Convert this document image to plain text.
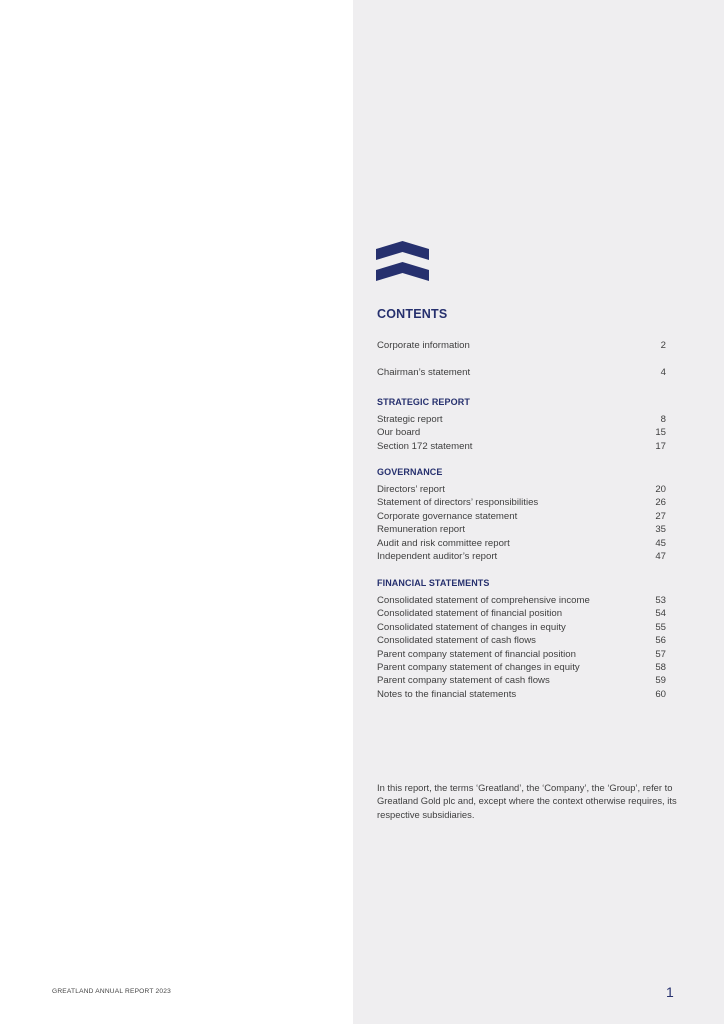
CONTENTS
Corporate information	2
Chairman’s statement	4
STRATEGIC REPORT
Strategic report	8
Our board	15
Section 172 statement	17
GOVERNANCE
Directors’ report	20
Statement of directors’ responsibilities	26
Corporate governance statement	27
Remuneration report	35
Audit and risk committee report	45
Independent auditor’s report	47
FINANCIAL STATEMENTS
Consolidated statement of comprehensive income	53
Consolidated statement of financial position	54
Consolidated statement of changes in equity	55
Consolidated statement of cash flows	56
Parent company statement of financial position	57
Parent company statement of changes in equity	58
Parent company statement of cash flows	59
Notes to the financial statements	60
In this report, the terms ‘Greatland’, the ‘Company’, the ‘Group’, refer to Greatland Gold plc and, except where the context otherwise requires, its respective subsidiaries.
GREATLAND ANNUAL REPORT 2023	1
